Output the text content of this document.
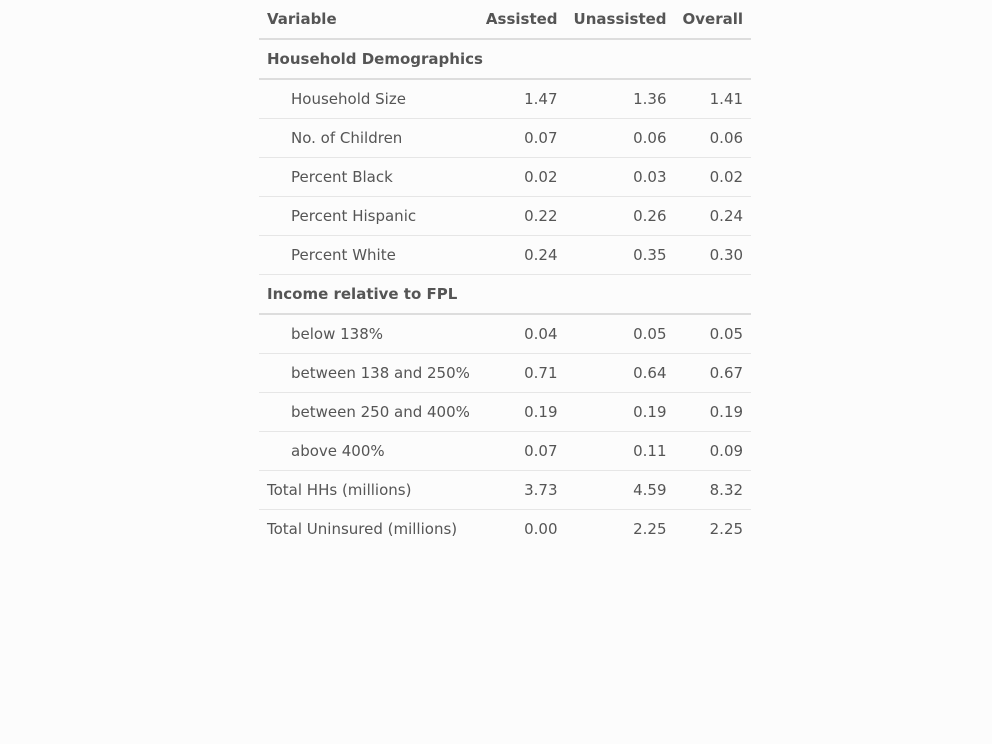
Variable	Assisted	Unassisted	Overall
Household Demographics			
Household Size	1.47	1.36	1.41
No. of Children	0.07	0.06	0.06
Percent Black	0.02	0.03	0.02
Percent Hispanic	0.22	0.26	0.24
Percent White	0.24	0.35	0.30
Income relative to FPL			
below 138%	0.04	0.05	0.05
between 138 and 250%	0.71	0.64	0.67
between 250 and 400%	0.19	0.19	0.19
above 400%	0.07	0.11	0.09
Total HHs (millions)	3.73	4.59	8.32
Total Uninsured (millions)	0.00	2.25	2.25
